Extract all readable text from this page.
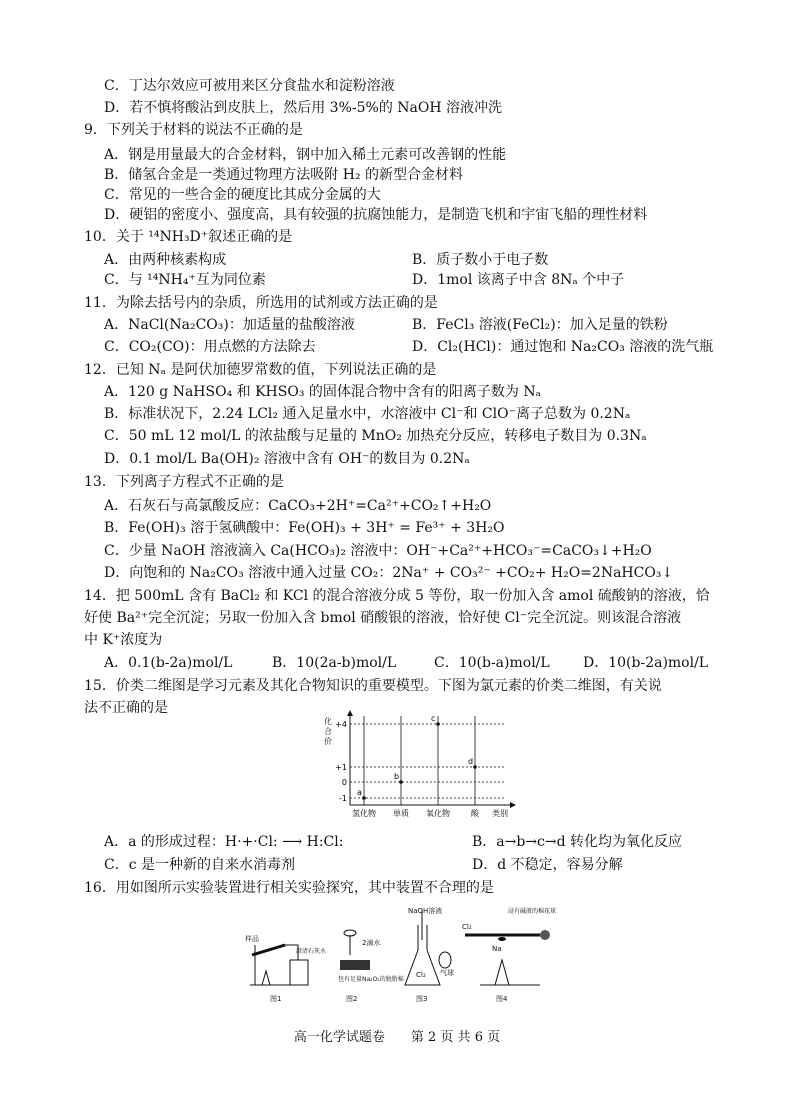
C．丁达尔效应可被用来区分食盐水和淀粉溶液
D．若不慎将酸沾到皮肤上，然后用 3%-5%的 NaOH 溶液冲洗
9．下列关于材料的说法不正确的是
A．钢是用量最大的合金材料，钢中加入稀土元素可改善钢的性能
B．储氢合金是一类通过物理方法吸附 H₂ 的新型合金材料
C．常见的一些合金的硬度比其成分金属的大
D．硬铝的密度小、强度高，具有较强的抗腐蚀能力，是制造飞机和宇宙飞船的理性材料
10．关于 ¹⁴NH₃D⁺叙述正确的是
A．由两种核素构成	B．质子数小于电子数
C．与 ¹⁴NH₄⁺互为同位素	D．1mol 该离子中含 8Nₐ 个中子
11．为除去括号内的杂质，所选用的试剂或方法正确的是
A．NaCl(Na₂CO₃)：加适量的盐酸溶液	B．FeCl₃ 溶液(FeCl₂)：加入足量的铁粉
C．CO₂(CO)：用点燃的方法除去	D．Cl₂(HCl)：通过饱和 Na₂CO₃ 溶液的洗气瓶
12．已知 Nₐ 是阿伏加德罗常数的值，下列说法正确的是
A．120 g NaHSO₄ 和 KHSO₃ 的固体混合物中含有的阳离子数为 Nₐ
B．标准状况下，2.24 LCl₂ 通入足量水中，水溶液中 Cl⁻和 ClO⁻离子总数为 0.2Nₐ
C．50 mL 12 mol/L 的浓盐酸与足量的 MnO₂ 加热充分反应，转移电子数目为 0.3Nₐ
D．0.1 mol/L Ba(OH)₂ 溶液中含有 OH⁻的数目为 0.2Nₐ
13．下列离子方程式不正确的是
A．石灰石与高氯酸反应：CaCO₃+2H⁺=Ca²⁺+CO₂↑+H₂O
B．Fe(OH)₃ 溶于氢碘酸中：Fe(OH)₃ + 3H⁺ = Fe³⁺ + 3H₂O
C．少量 NaOH 溶液滴入 Ca(HCO₃)₂ 溶液中：OH⁻+Ca²⁺+HCO₃⁻=CaCO₃↓+H₂O
D．向饱和的 Na₂CO₃ 溶液中通入过量 CO₂：2Na⁺ + CO₃²⁻ +CO₂+ H₂O=2NaHCO₃↓
14．把 500mL 含有 BaCl₂ 和 KCl 的混合溶液分成 5 等份，取一份加入含 amol 硫酸钠的溶液，恰
好使 Ba²⁺完全沉淀；另取一份加入含 bmol 硝酸银的溶液，恰好使 Cl⁻完全沉淀。则该混合溶液
中 K⁺浓度为
A．0.1(b-2a)mol/L	B．10(2a-b)mol/L	C．10(b-a)mol/L D．10(b-2a)mol/L
15．价类二维图是学习元素及其化合物知识的重要模型。下图为氯元素的价类二维图，有关说
法不正确的是
化
合
价
类别
+4
+1
0
-1
氢化物 单质 氧化物	酸
a
b
c
d
A．a 的形成过程：H·+·Cl: ⟶ H:Cl:	B．a→b→c→d 转化均为氧化反应
C．c 是一种新的自来水消毒剂	D．d 不稳定，容易分解
16．用如图所示实验装置进行相关实验探究，其中装置不合理的是
样品
澄清石灰水
图1
2滴水
包有足量Na₂O₂的脱脂棉
图2
NaOH溶液
Cl₂ 气球
图3
Cl₂
Na
浸有碱液的棉花球
图4
高一化学试题卷　　第 2 页 共 6 页
